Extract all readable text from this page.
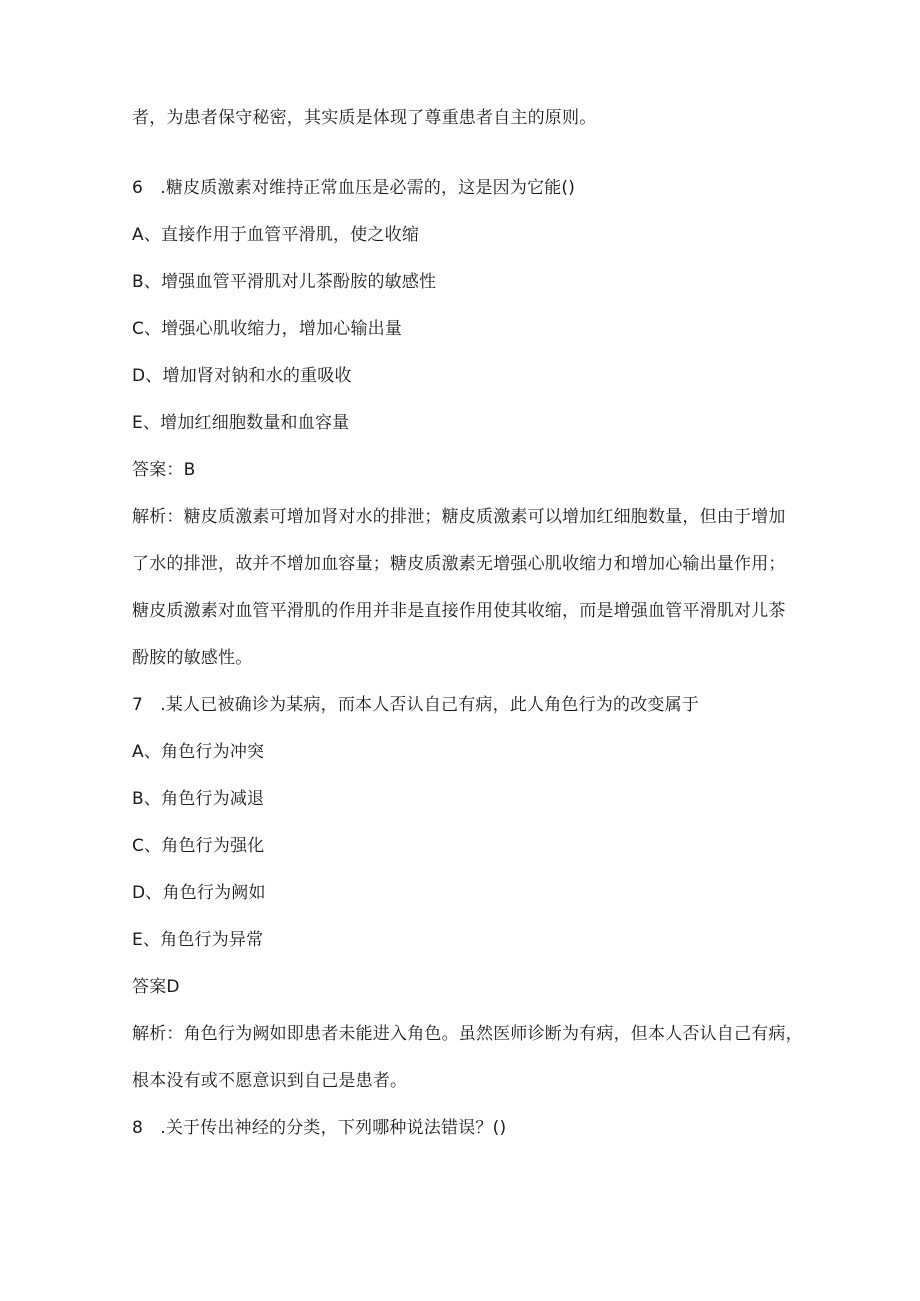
者，为患者保守秘密，其实质是体现了尊重患者自主的原则。
6　.糖皮质激素对维持正常血压是必需的，这是因为它能()
A、直接作用于血管平滑肌，使之收缩
B、增强血管平滑肌对儿茶酚胺的敏感性
C、增强心肌收缩力，增加心输出量
D、增加肾对钠和水的重吸收
E、增加红细胞数量和血容量
答案：B
解析：糖皮质激素可增加肾对水的排泄；糖皮质激素可以增加红细胞数量，但由于增加
了水的排泄，故并不增加血容量；糖皮质激素无增强心肌收缩力和增加心输出量作用；
糖皮质激素对血管平滑肌的作用并非是直接作用使其收缩，而是增强血管平滑肌对儿茶
酚胺的敏感性。
7　.某人已被确诊为某病，而本人否认自己有病，此人角色行为的改变属于
A、角色行为冲突
B、角色行为减退
C、角色行为强化
D、角色行为阙如
E、角色行为异常
答案D
解析：角色行为阙如即患者未能进入角色。虽然医师诊断为有病，但本人否认自己有病，
根本没有或不愿意识到自己是患者。
8　.关于传出神经的分类，下列哪种说法错误？()
